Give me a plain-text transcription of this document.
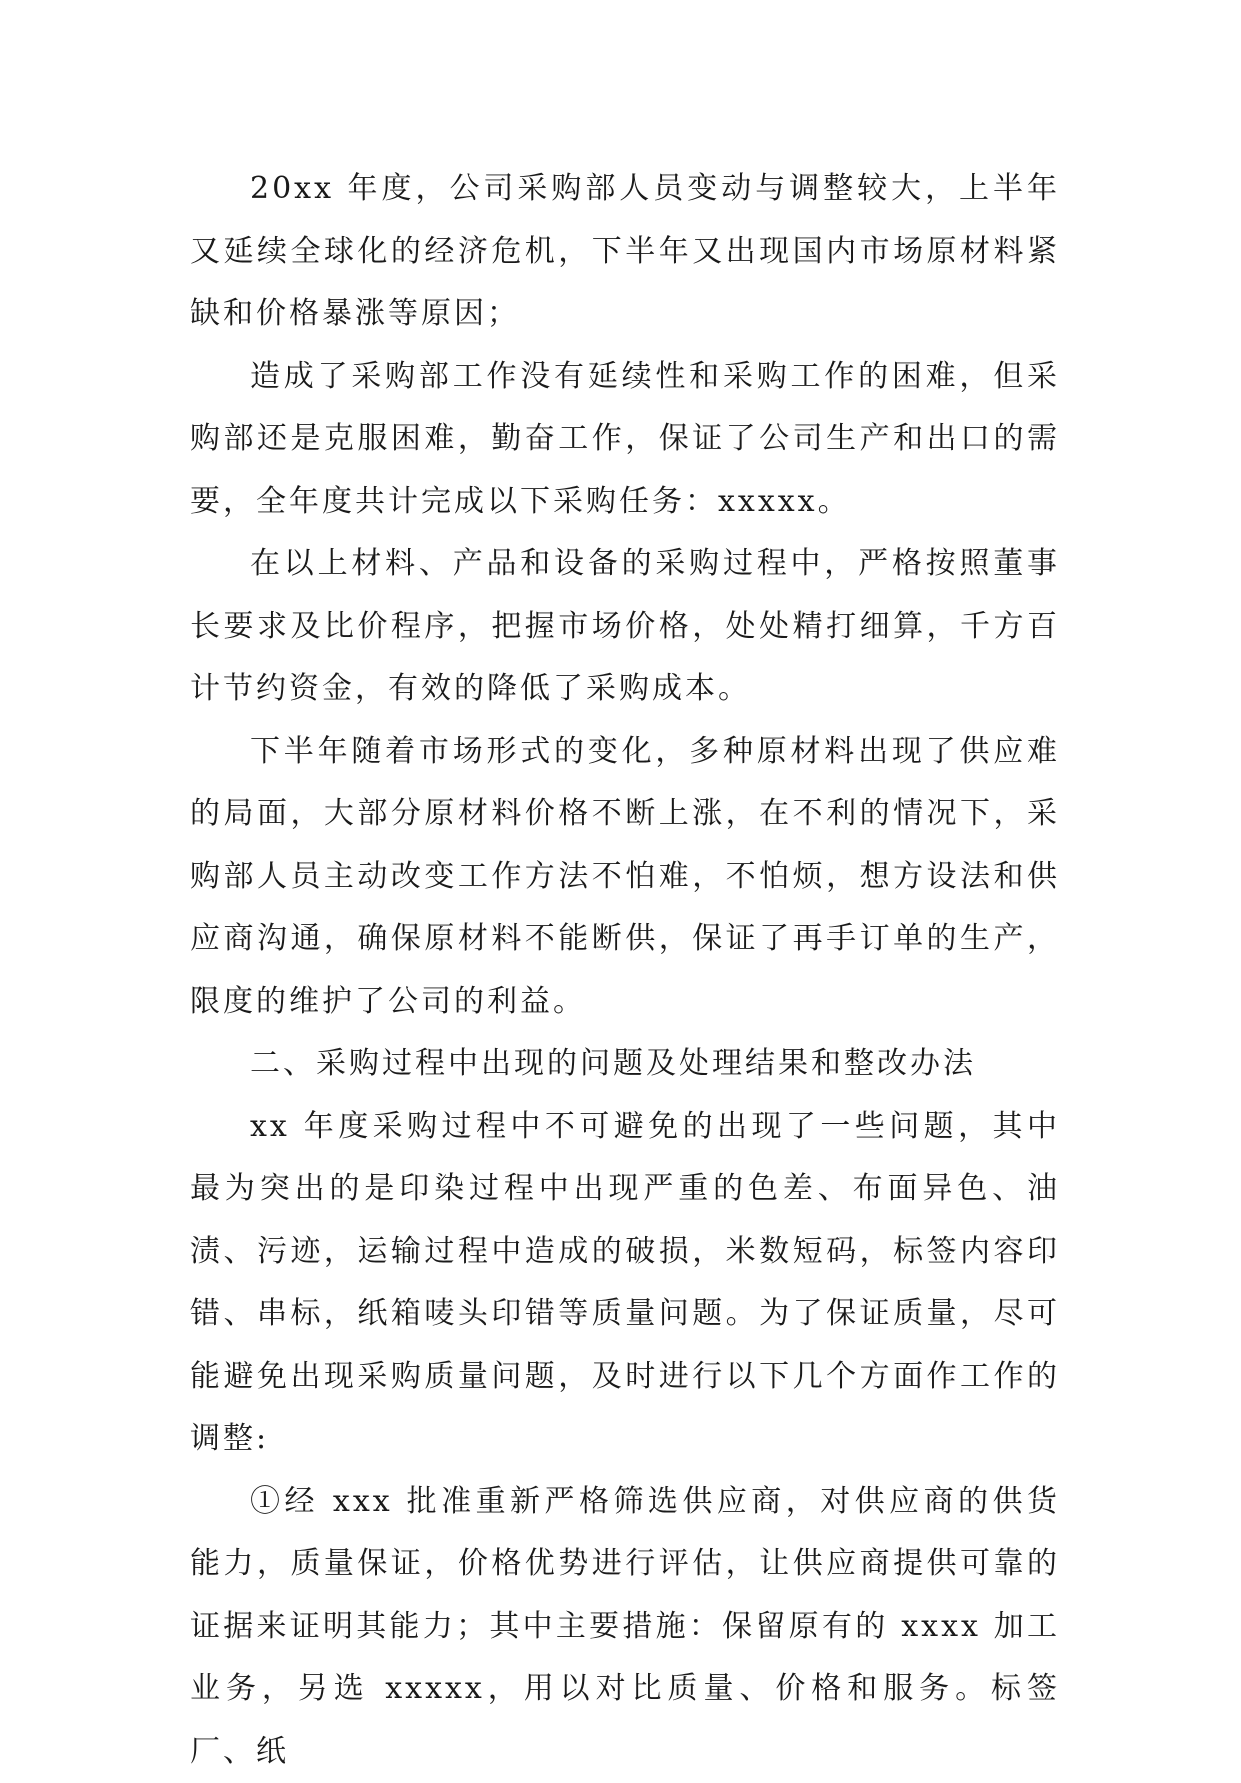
20xx 年度，公司采购部人员变动与调整较大，上半年又延续全球化的经济危机，下半年又出现国内市场原材料紧缺和价格暴涨等原因；

造成了采购部工作没有延续性和采购工作的困难，但采购部还是克服困难，勤奋工作，保证了公司生产和出口的需要，全年度共计完成以下采购任务：xxxxx。

在以上材料、产品和设备的采购过程中，严格按照董事长要求及比价程序，把握市场价格，处处精打细算，千方百计节约资金，有效的降低了采购成本。

下半年随着市场形式的变化，多种原材料出现了供应难的局面，大部分原材料价格不断上涨，在不利的情况下，采购部人员主动改变工作方法不怕难，不怕烦，想方设法和供应商沟通，确保原材料不能断供，保证了再手订单的生产，限度的维护了公司的利益。

二、采购过程中出现的问题及处理结果和整改办法

xx 年度采购过程中不可避免的出现了一些问题，其中最为突出的是印染过程中出现严重的色差、布面异色、油渍、污迹，运输过程中造成的破损，米数短码，标签内容印错、串标，纸箱唛头印错等质量问题。为了保证质量，尽可能避免出现采购质量问题，及时进行以下几个方面作工作的调整:

①经 xxx 批准重新严格筛选供应商，对供应商的供货能力，质量保证，价格优势进行评估，让供应商提供可靠的证据来证明其能力；其中主要措施：保留原有的 xxxx 加工业务，另选 xxxxx，用以对比质量、价格和服务。标签厂、纸
